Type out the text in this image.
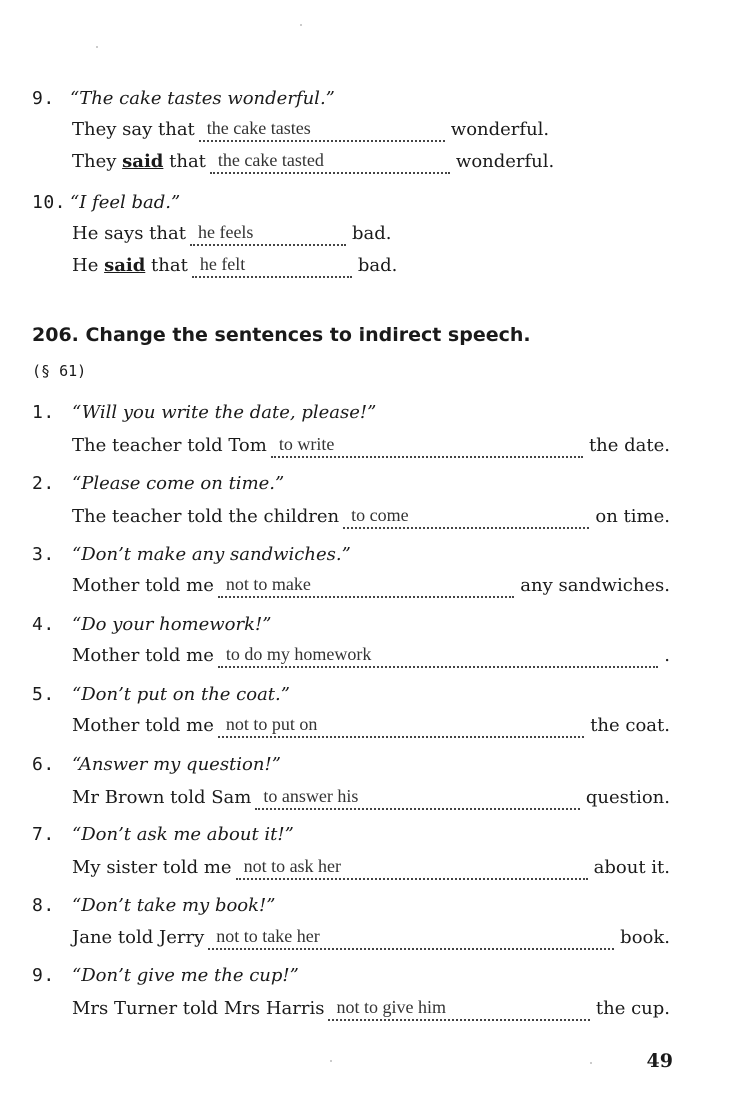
9. “The cake tastes wonderful.”
They say that the cake tastes	wonderful.
They said that the cake tasted	wonderful.
10. “I feel bad.”
He says that he feels	bad.
He said that he felt	bad.
206. Change the sentences to indirect speech.
(§ 61)
1. “Will you write the date, please!”
The teacher told Tom to write	the date.
2. “Please come on time.”
The teacher told the children to come	on time.
3. “Don’t make any sandwiches.”
Mother told me not to make	any sandwiches.
4. “Do your homework!”
Mother told me to do my homework	.
5. “Don’t put on the coat.”
Mother told me not to put on	the coat.
6. “Answer my question!”
Mr Brown told Sam to answer his	question.
7. “Don’t ask me about it!”
My sister told me not to ask her	about it.
8. “Don’t take my book!”
Jane told Jerry not to take her	book.
9. “Don’t give me the cup!”
Mrs Turner told Mrs Harris not to give him	the cup.
49
